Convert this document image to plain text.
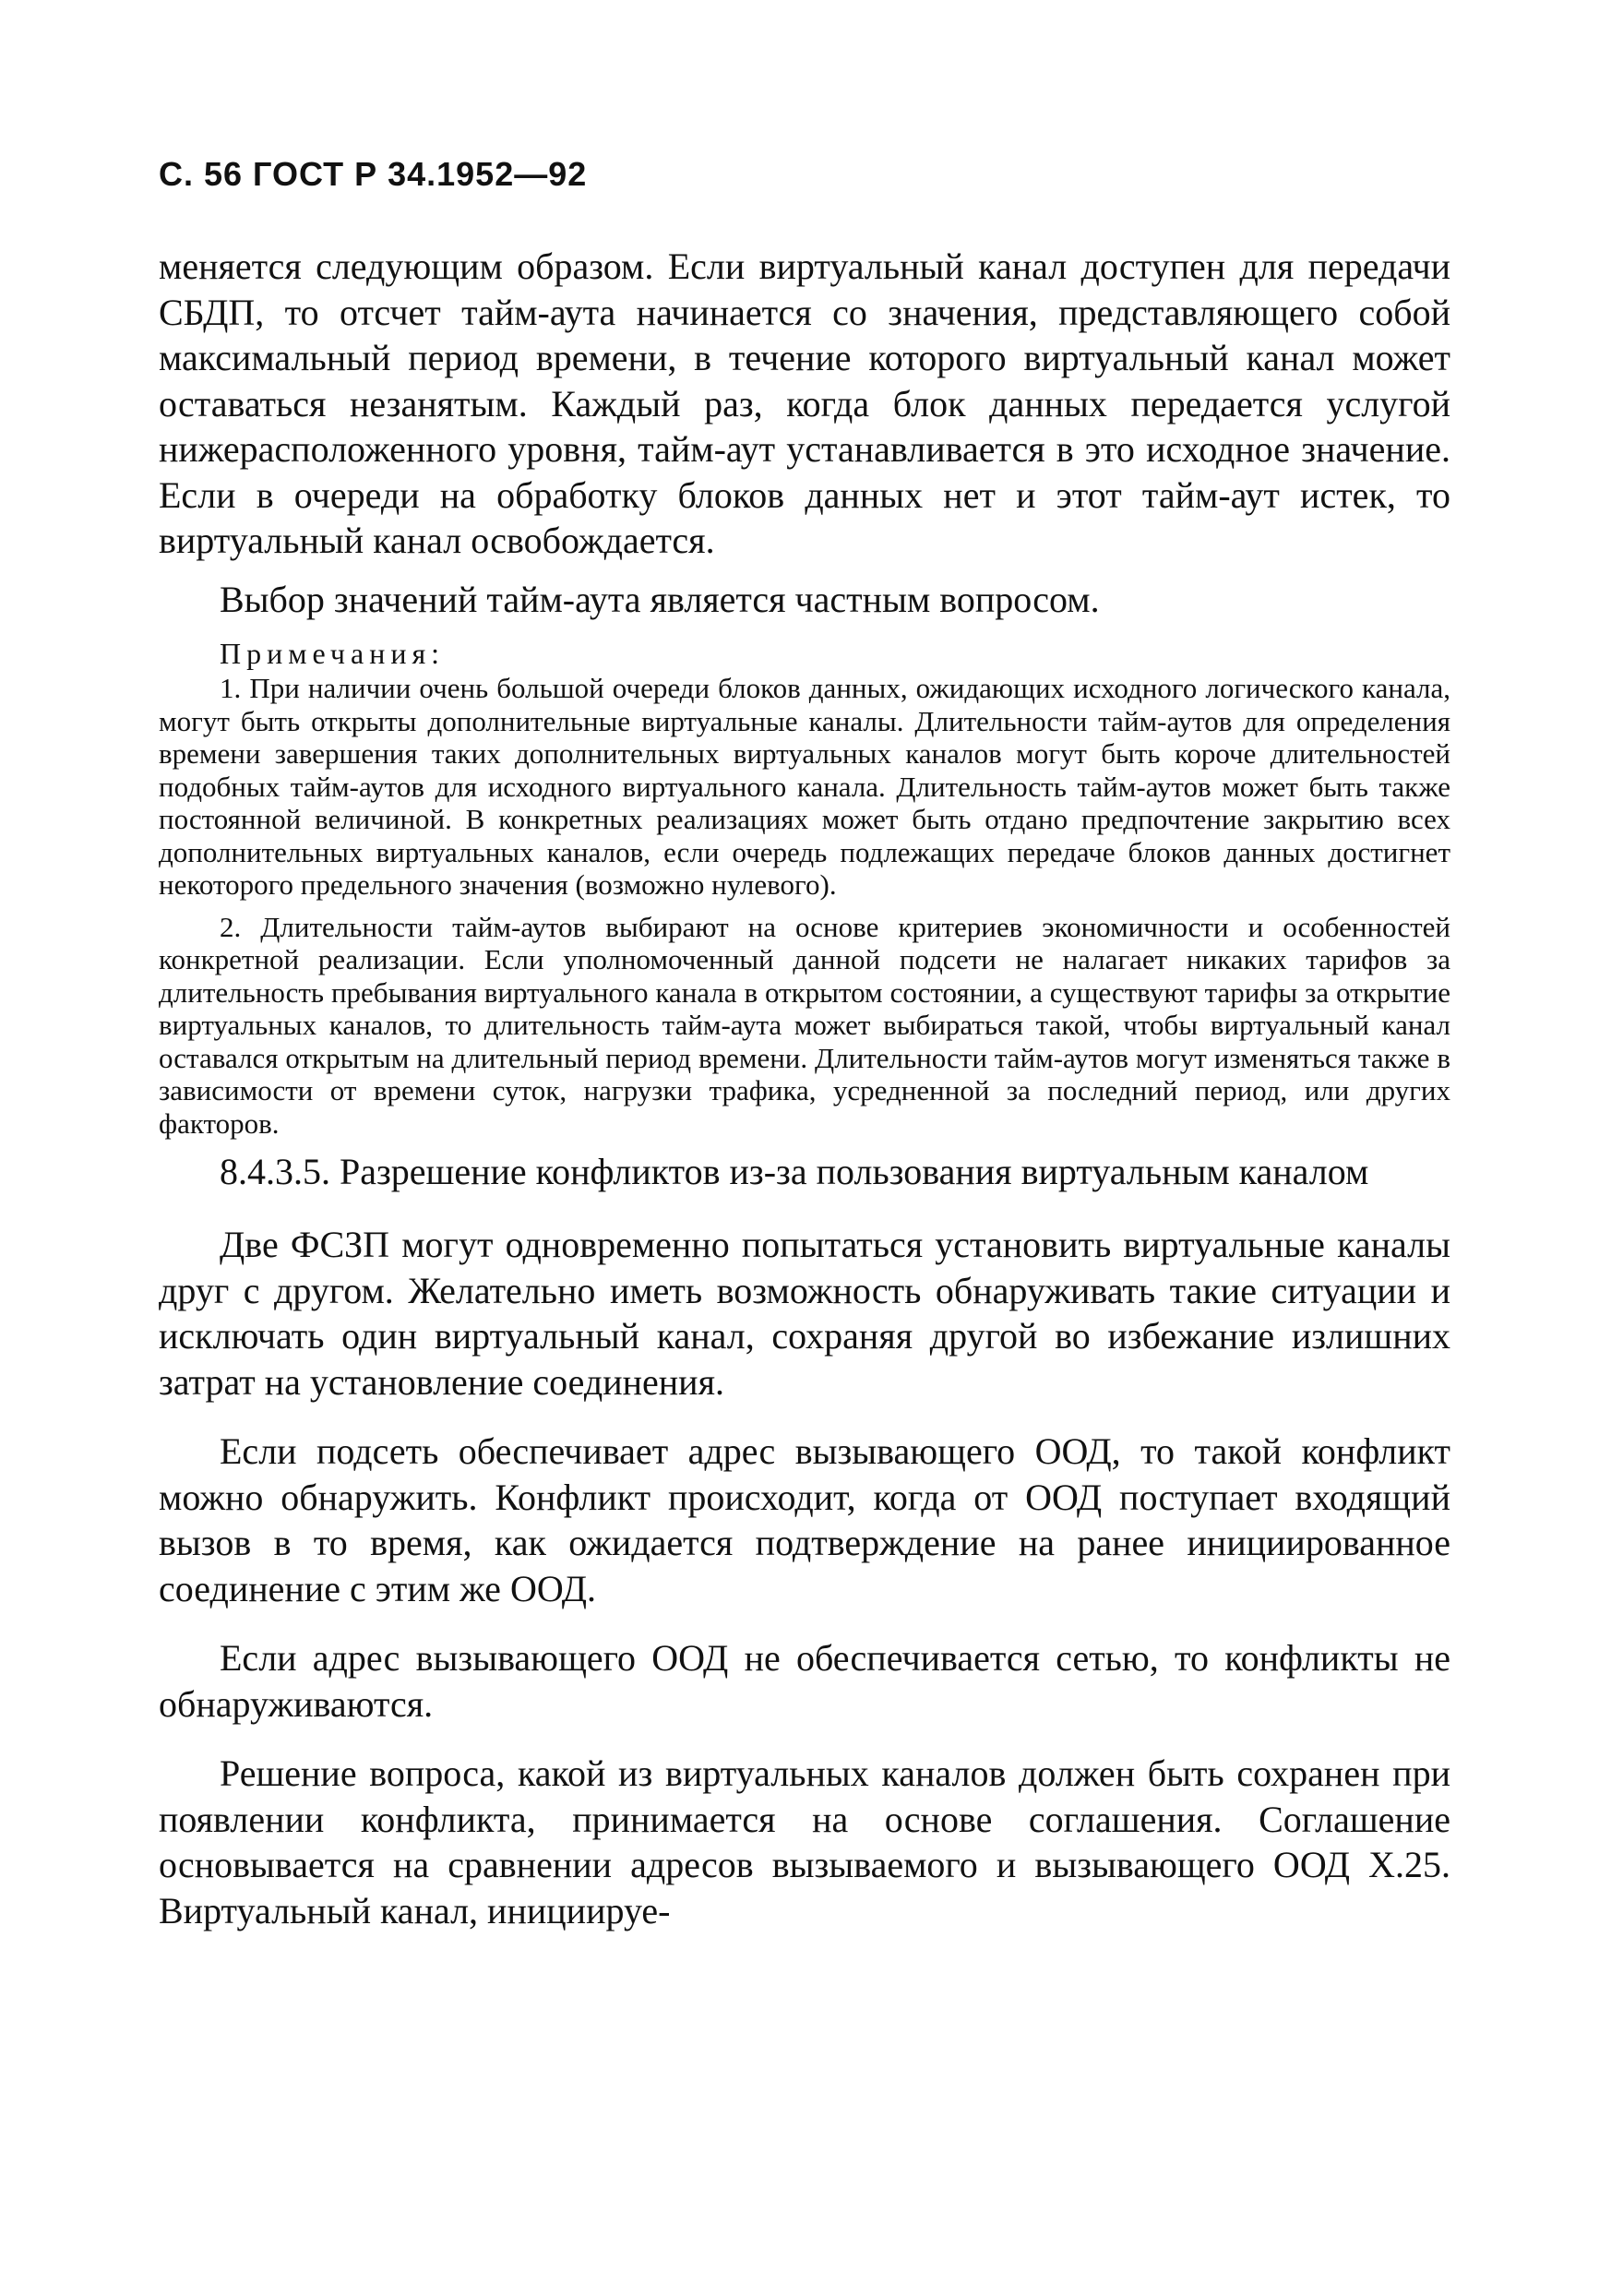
С. 56 ГОСТ Р 34.1952—92

меняется следующим образом. Если виртуальный канал доступен для передачи СБДП, то отсчет тайм-аута начинается со значения, представляющего собой максимальный период времени, в течение которого виртуальный канал может оставаться незанятым. Каждый раз, когда блок данных передается услугой нижерасположенного уровня, тайм-аут устанавливается в это исходное значение. Если в очереди на обработку блоков данных нет и этот тайм-аут истек, то виртуальный канал освобождается.

Выбор значений тайм-аута является частным вопросом.

Примечания:

1. При наличии очень большой очереди блоков данных, ожидающих исходного логического канала, могут быть открыты дополнительные виртуальные каналы. Длительности тайм-аутов для определения времени завершения таких дополнительных виртуальных каналов могут быть короче длительностей подобных тайм-аутов для исходного виртуального канала. Длительность тайм-аутов может быть также постоянной величиной. В конкретных реализациях может быть отдано предпочтение закрытию всех дополнительных виртуальных каналов, если очередь подлежащих передаче блоков данных достигнет некоторого предельного значения (возможно нулевого).

2. Длительности тайм-аутов выбирают на основе критериев экономичности и особенностей конкретной реализации. Если уполномоченный данной подсети не налагает никаких тарифов за длительность пребывания виртуального канала в открытом состоянии, а существуют тарифы за открытие виртуальных каналов, то длительность тайм-аута может выбираться такой, чтобы виртуальный канал оставался открытым на длительный период времени. Длительности тайм-аутов могут изменяться также в зависимости от времени суток, нагрузки трафика, усредненной за последний период, или других факторов.

8.4.3.5. Разрешение конфликтов из-за пользования виртуальным каналом

Две ФСЗП могут одновременно попытаться установить виртуальные каналы друг с другом. Желательно иметь возможность обнаруживать такие ситуации и исключать один виртуальный канал, сохраняя другой во избежание излишних затрат на установление соединения.

Если подсеть обеспечивает адрес вызывающего ООД, то такой конфликт можно обнаружить. Конфликт происходит, когда от ООД поступает входящий вызов в то время, как ожидается подтверждение на ранее инициированное соединение с этим же ООД.

Если адрес вызывающего ООД не обеспечивается сетью, то конфликты не обнаруживаются.

Решение вопроса, какой из виртуальных каналов должен быть сохранен при появлении конфликта, принимается на основе соглашения. Соглашение основывается на сравнении адресов вызываемого и вызывающего ООД Х.25. Виртуальный канал, инициируе-
